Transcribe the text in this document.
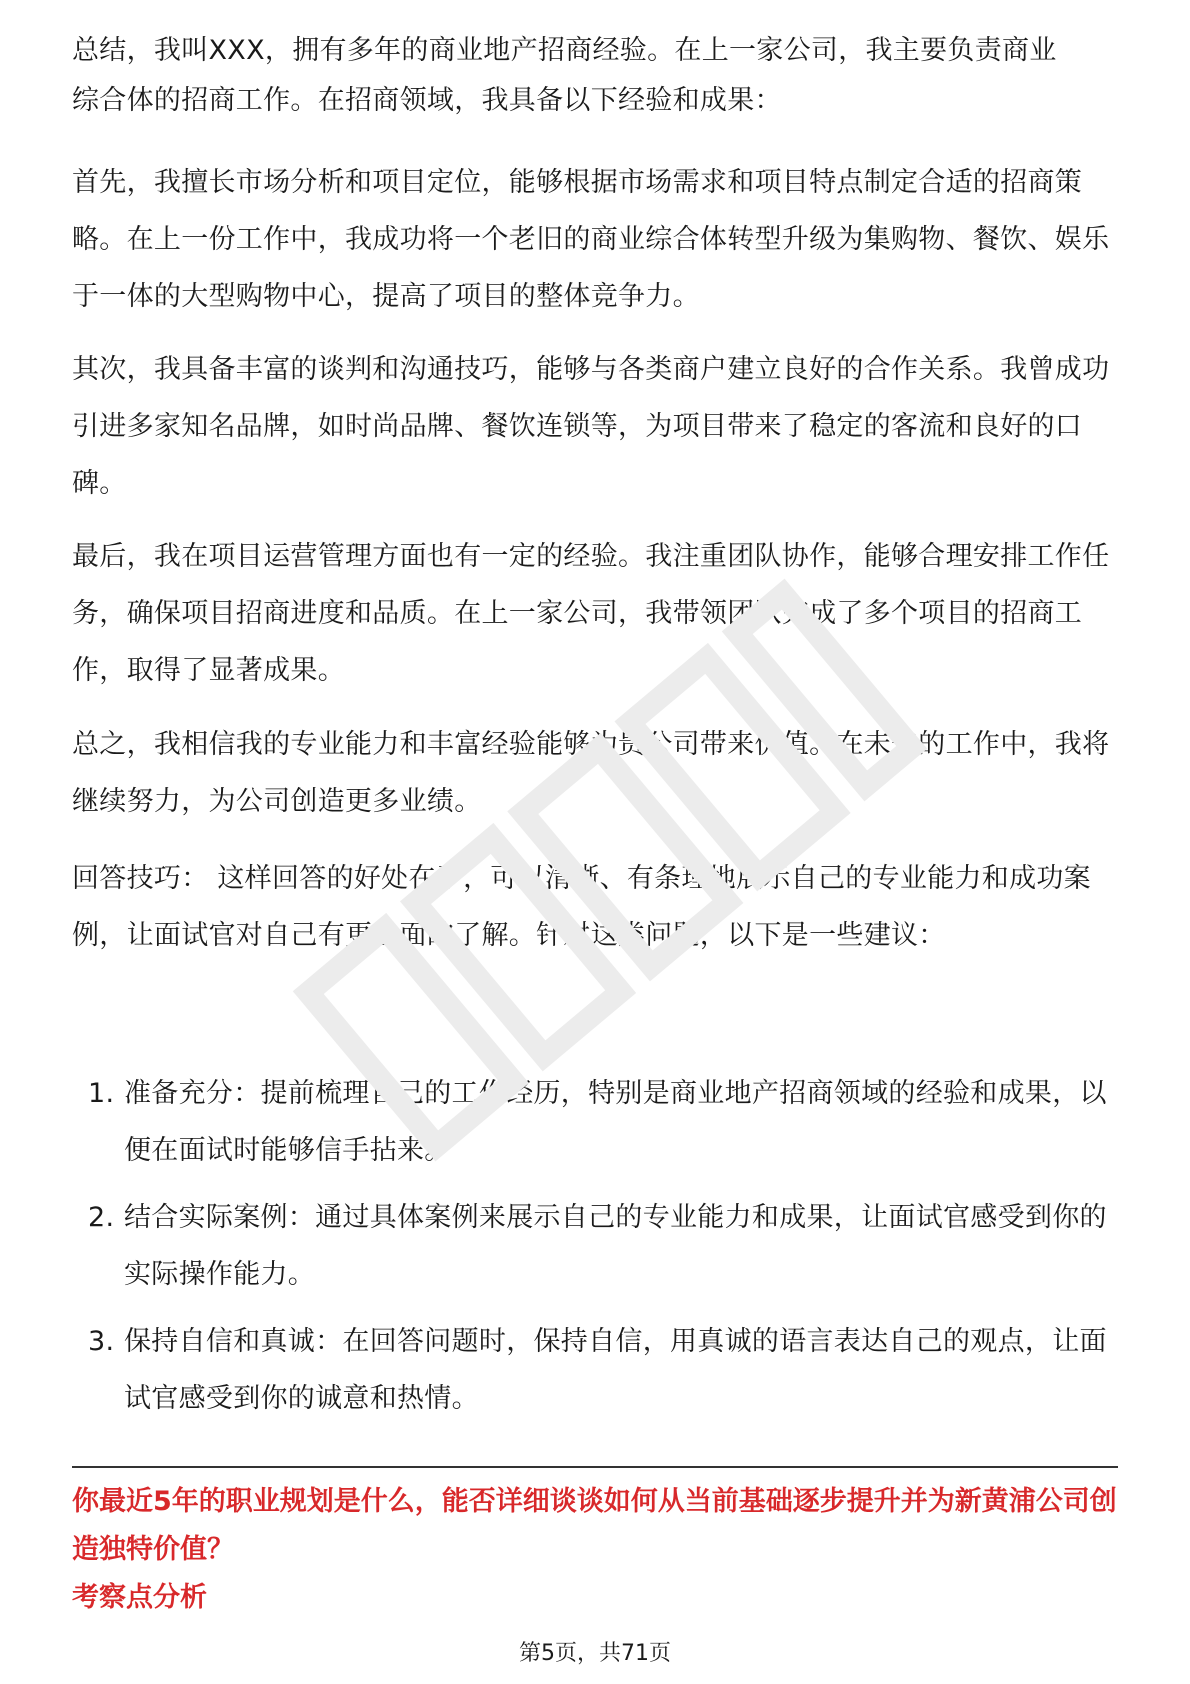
总结，我叫XXX，拥有多年的商业地产招商经验。在上一家公司，我主要负责商业

综合体的招商工作。在招商领域，我具备以下经验和成果：

首先，我擅长市场分析和项目定位，能够根据市场需求和项目特点制定合适的招商策略。在上一份工作中，我成功将一个老旧的商业综合体转型升级为集购物、餐饮、娱乐于一体的大型购物中心，提高了项目的整体竞争力。

其次，我具备丰富的谈判和沟通技巧，能够与各类商户建立良好的合作关系。我曾成功引进多家知名品牌，如时尚品牌、餐饮连锁等，为项目带来了稳定的客流和良好的口碑。

最后，我在项目运营管理方面也有一定的经验。我注重团队协作，能够合理安排工作任务，确保项目招商进度和品质。在上一家公司，我带领团队完成了多个项目的招商工作，取得了显著成果。

总之，我相信我的专业能力和丰富经验能够为贵公司带来价值。在未来的工作中，我将继续努力，为公司创造更多业绩。

回答技巧： 这样回答的好处在于，可以清晰、有条理地展示自己的专业能力和成功案例，让面试官对自己有更全面的了解。针对这类问题，以下是一些建议：

1. 准备充分：提前梳理自己的工作经历，特别是商业地产招商领域的经验和成果，以便在面试时能够信手拈来。
2. 结合实际案例：通过具体案例来展示自己的专业能力和成果，让面试官感受到你的实际操作能力。
3. 保持自信和真诚：在回答问题时，保持自信，用真诚的语言表达自己的观点，让面试官感受到你的诚意和热情。

你最近5年的职业规划是什么，能否详细谈谈如何从当前基础逐步提升并为新黄浦公司创造独特价值？

考察点分析

第5页，共71页
